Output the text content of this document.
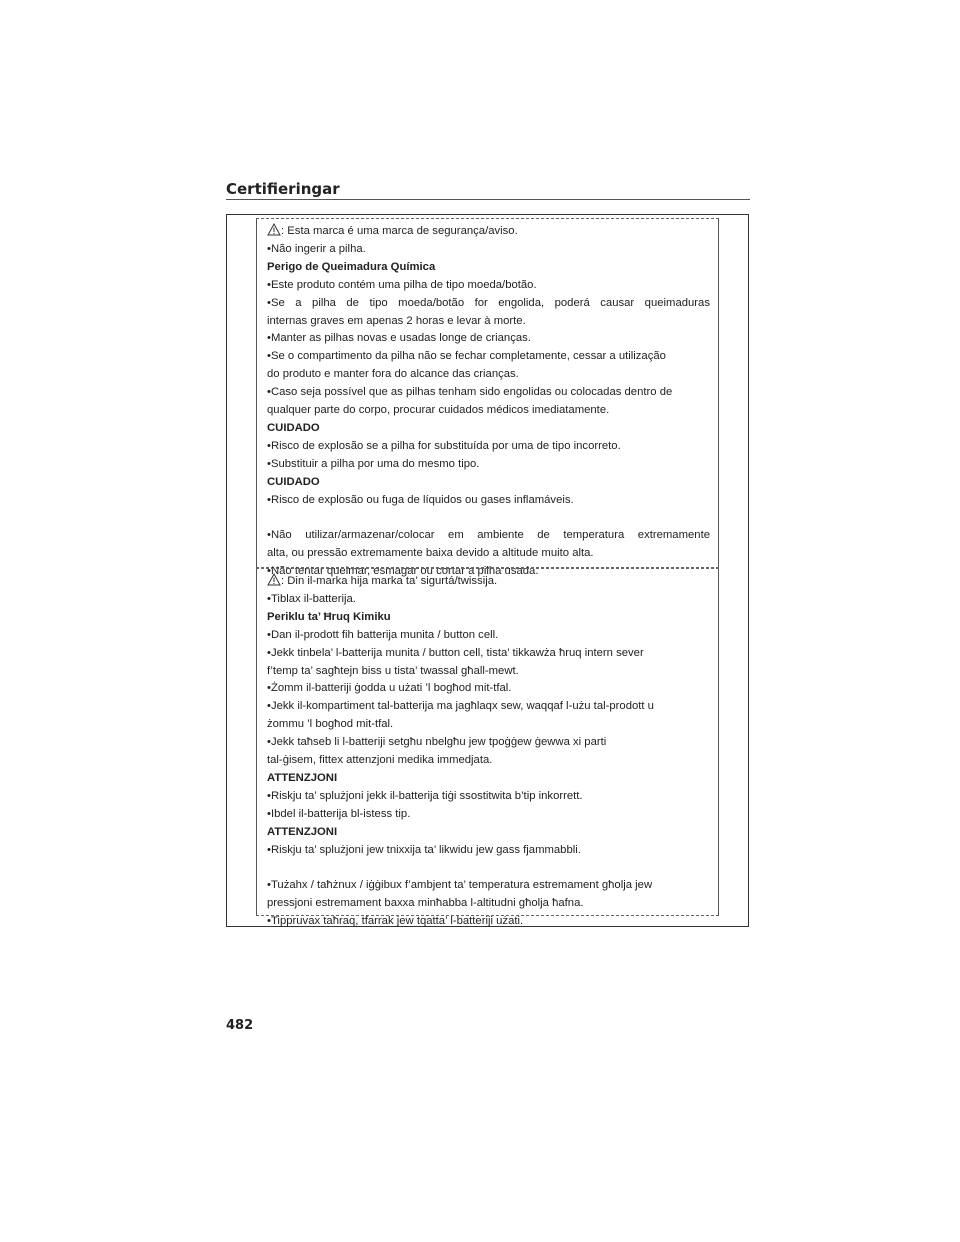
Certifieringar
: Esta marca é uma marca de segurança/aviso.
•Não ingerir a pilha.
Perigo de Queimadura Química
•Este produto contém uma pilha de tipo moeda/botão.
•Se a pilha de tipo moeda/botão for engolida, poderá causar queimaduras
internas graves em apenas 2 horas e levar à morte.
•Manter as pilhas novas e usadas longe de crianças.
•Se o compartimento da pilha não se fechar completamente, cessar a utilização
do produto e manter fora do alcance das crianças.
•Caso seja possível que as pilhas tenham sido engolidas ou colocadas dentro de
qualquer parte do corpo, procurar cuidados médicos imediatamente.
CUIDADO
•Risco de explosão se a pilha for substituída por uma de tipo incorreto.
•Substituir a pilha por uma do mesmo tipo.
CUIDADO
•Risco de explosão ou fuga de líquidos ou gases inflamáveis.
•Não utilizar/armazenar/colocar em ambiente de temperatura extremamente
alta, ou pressão extremamente baixa devido a altitude muito alta.
•Não tentar queimar, esmagar ou cortar a pilha usada.
: Din il-marka hija marka ta’ sigurtá/twissija.
•Tiblax il-batterija.
Periklu ta’ Ħruq Kimiku
•Dan il-prodott fih batterija munita / button cell.
•Jekk tinbela’ l-batterija munita / button cell, tista’ tikkawża ħruq intern sever
f’temp ta’ sagħtejn biss u tista’ twassal għall-mewt.
•Żomm il-batteriji ġodda u użati ’l bogħod mit-tfal.
•Jekk il-kompartiment tal-batterija ma jagħlaqx sew, waqqaf l-użu tal-prodott u
żommu ’l bogħod mit-tfal.
•Jekk taħseb li l-batteriji setgħu nbelgħu jew tpoġġew ġewwa xi parti
tal-ġisem, fittex attenzjoni medika immedjata.
ATTENZJONI
•Riskju ta’ splużjoni jekk il-batterija tiġi ssostitwita b’tip inkorrett.
•Ibdel il-batterija bl-istess tip.
ATTENZJONI
•Riskju ta’ splużjoni jew tnixxija ta’ likwidu jew gass fjammabbli.
•Tużahx / taħżnux / iġġibux f’ambjent ta’ temperatura estremament għolja jew
pressjoni estremament baxxa minħabba l-altitudni għolja ħafna.
•Tippruvax taħraq, tfarrak jew tqatta’ l-batteriji użati.
482
